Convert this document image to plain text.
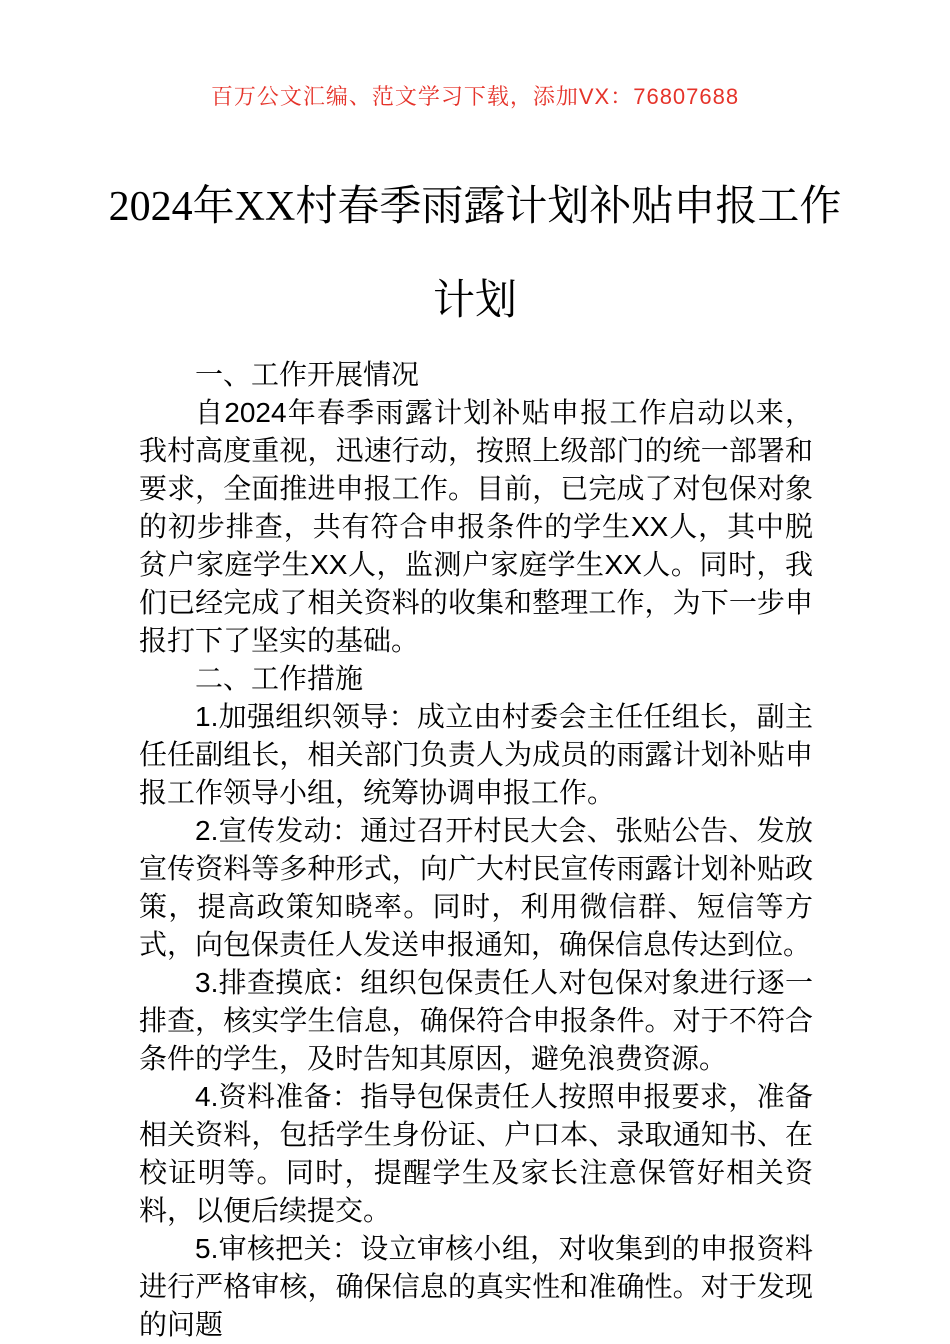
百万公文汇编、范文学习下载，添加VX：76807688
2024年XX村春季雨露计划补贴申报工作
计划

一、工作开展情况

自2024年春季雨露计划补贴申报工作启动以来，我村高度重视，迅速行动，按照上级部门的统一部署和要求，全面推进申报工作。目前，已完成了对包保对象的初步排查，共有符合申报条件的学生XX人，其中脱贫户家庭学生XX人，监测户家庭学生XX人。同时，我们已经完成了相关资料的收集和整理工作，为下一步申报打下了坚实的基础。

二、工作措施

1.加强组织领导：成立由村委会主任任组长，副主任任副组长，相关部门负责人为成员的雨露计划补贴申报工作领导小组，统筹协调申报工作。

2.宣传发动：通过召开村民大会、张贴公告、发放宣传资料等多种形式，向广大村民宣传雨露计划补贴政策，提高政策知晓率。同时，利用微信群、短信等方式，向包保责任人发送申报通知，确保信息传达到位。

3.排查摸底：组织包保责任人对包保对象进行逐一排查，核实学生信息，确保符合申报条件。对于不符合条件的学生，及时告知其原因，避免浪费资源。

4.资料准备：指导包保责任人按照申报要求，准备相关资料，包括学生身份证、户口本、录取通知书、在校证明等。同时，提醒学生及家长注意保管好相关资料，以便后续提交。

5.审核把关：设立审核小组，对收集到的申报资料进行严格审核，确保信息的真实性和准确性。对于发现的问题
